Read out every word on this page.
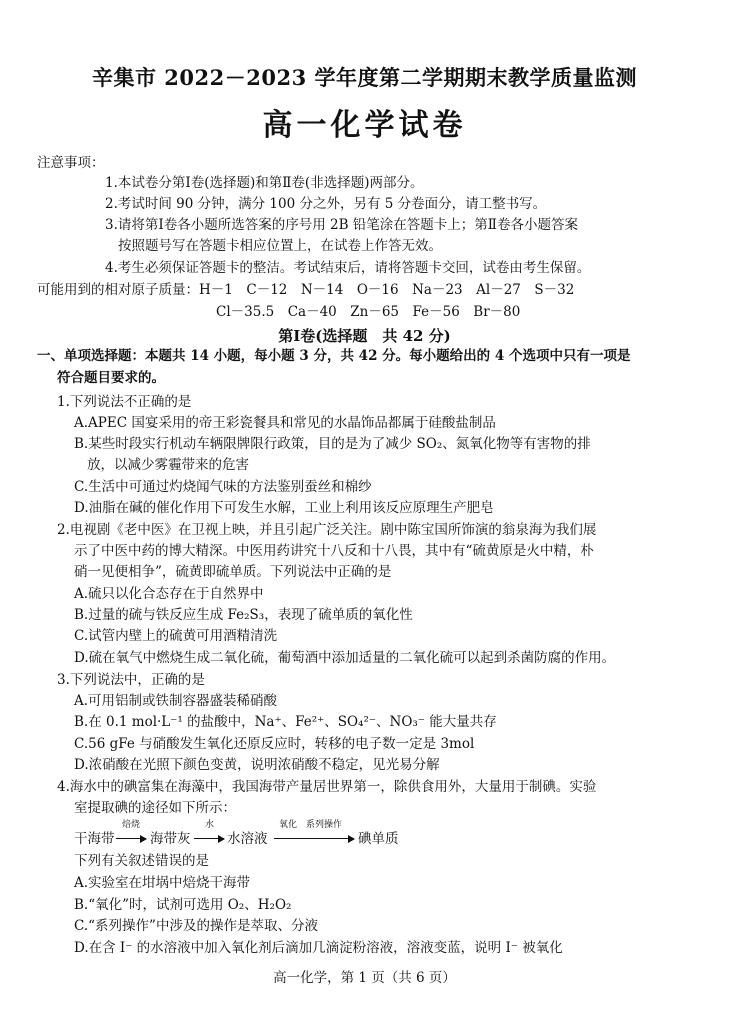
辛集市 2022－2023 学年度第二学期期末教学质量监测
高一化学试卷
注意事项：
1.本试卷分第Ⅰ卷(选择题)和第Ⅱ卷(非选择题)两部分。
2.考试时间 90 分钟，满分 100 分之外，另有 5 分卷面分，请工整书写。
3.请将第Ⅰ卷各小题所选答案的序号用 2B 铅笔涂在答题卡上；第Ⅱ卷各小题答案
按照题号写在答题卡相应位置上，在试卷上作答无效。
4.考生必须保证答题卡的整洁。考试结束后，请将答题卡交回，试卷由考生保留。
可能用到的相对原子质量：H－1　C－12　N－14　O－16　Na－23　Al－27　S－32
Cl－35.5　Ca－40　Zn－65　Fe－56　Br－80
第Ⅰ卷(选择题　共 42 分)
一、单项选择题：本题共 14 小题，每小题 3 分，共 42 分。每小题给出的 4 个选项中只有一项是
符合题目要求的。
1.下列说法不正确的是
A.APEC 国宴采用的帝王彩瓷餐具和常见的水晶饰品都属于硅酸盐制品
B.某些时段实行机动车辆限牌限行政策，目的是为了减少 SO₂、氮氧化物等有害物的排
放，以减少雾霾带来的危害
C.生活中可通过灼烧闻气味的方法鉴别蚕丝和棉纱
D.油脂在碱的催化作用下可发生水解，工业上利用该反应原理生产肥皂
2.电视剧《老中医》在卫视上映，并且引起广泛关注。剧中陈宝国所饰演的翁泉海为我们展
示了中医中药的博大精深。中医用药讲究十八反和十八畏，其中有“硫黄原是火中精，朴
硝一见便相争”，硫黄即硫单质。下列说法中正确的是
A.硫只以化合态存在于自然界中
B.过量的硫与铁反应生成 Fe₂S₃，表现了硫单质的氧化性
C.试管内壁上的硫黄可用酒精清洗
D.硫在氧气中燃烧生成二氧化硫，葡萄酒中添加适量的二氧化硫可以起到杀菌防腐的作用。
3.下列说法中，正确的是
A.可用铝制或铁制容器盛装稀硝酸
B.在 0.1 mol·L⁻¹ 的盐酸中，Na⁺、Fe²⁺、SO₄²⁻、NO₃⁻ 能大量共存
C.56 gFe 与硝酸发生氧化还原反应时，转移的电子数一定是 3mol
D.浓硝酸在光照下颜色变黄，说明浓硝酸不稳定，见光易分解
4.海水中的碘富集在海藻中，我国海带产量居世界第一，除供食用外，大量用于制碘。实验
室提取碘的途径如下所示：
干海带
焙烧
海带灰
水
水溶液
氧化　系列操作
碘单质
下列有关叙述错误的是
A.实验室在坩埚中焙烧干海带
B.“氧化”时，试剂可选用 O₂、H₂O₂
C.“系列操作”中涉及的操作是萃取、分液
D.在含 I⁻ 的水溶液中加入氧化剂后滴加几滴淀粉溶液，溶液变蓝，说明 I⁻ 被氧化
高一化学，第 1 页（共 6 页）
